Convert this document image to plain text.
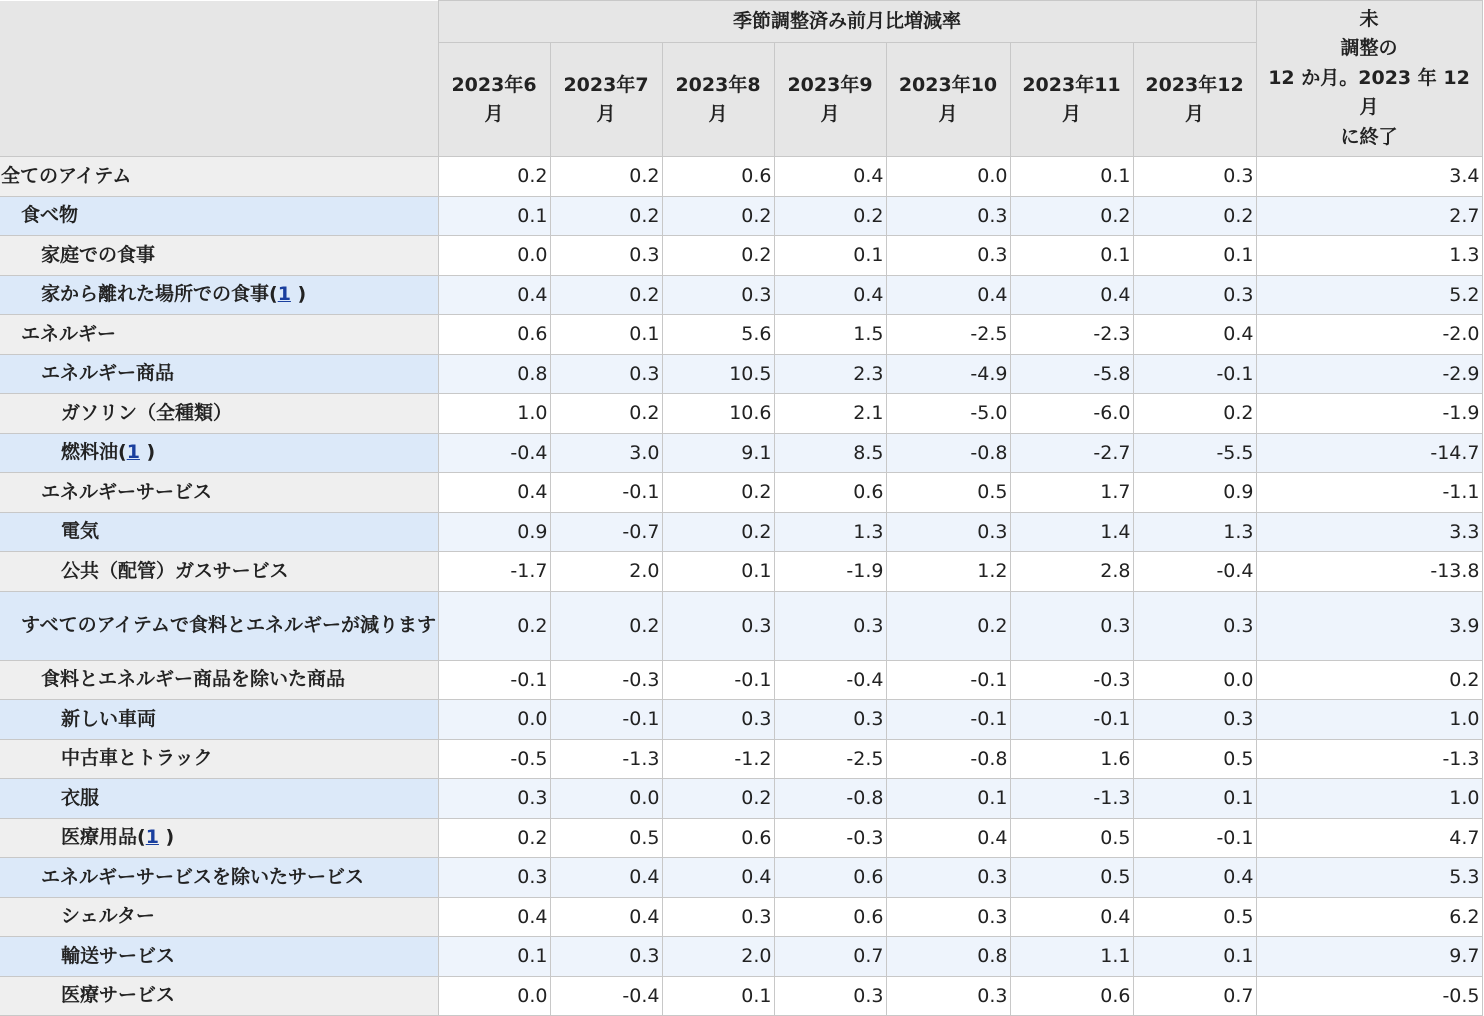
	季節調整済み前月比増減率							未
調整の
12 か月。2023 年 12
月
に終了
	2023年6月	2023年7月	2023年8月	2023年9月	2023年10月	2023年11月	2023年12月	
全てのアイテム	0.2	0.2	0.6	0.4	0.0	0.1	0.3	3.4
食べ物	0.1	0.2	0.2	0.2	0.3	0.2	0.2	2.7
家庭での食事	0.0	0.3	0.2	0.1	0.3	0.1	0.1	1.3
家から離れた場所での食事(1 )	0.4	0.2	0.3	0.4	0.4	0.4	0.3	5.2
エネルギー	0.6	0.1	5.6	1.5	-2.5	-2.3	0.4	-2.0
エネルギー商品	0.8	0.3	10.5	2.3	-4.9	-5.8	-0.1	-2.9
ガソリン（全種類）	1.0	0.2	10.6	2.1	-5.0	-6.0	0.2	-1.9
燃料油(1 )	-0.4	3.0	9.1	8.5	-0.8	-2.7	-5.5	-14.7
エネルギーサービス	0.4	-0.1	0.2	0.6	0.5	1.7	0.9	-1.1
電気	0.9	-0.7	0.2	1.3	0.3	1.4	1.3	3.3
公共（配管）ガスサービス	-1.7	2.0	0.1	-1.9	1.2	2.8	-0.4	-13.8
すべてのアイテムで食料とエネルギーが減ります	0.2	0.2	0.3	0.3	0.2	0.3	0.3	3.9
食料とエネルギー商品を除いた商品	-0.1	-0.3	-0.1	-0.4	-0.1	-0.3	0.0	0.2
新しい車両	0.0	-0.1	0.3	0.3	-0.1	-0.1	0.3	1.0
中古車とトラック	-0.5	-1.3	-1.2	-2.5	-0.8	1.6	0.5	-1.3
衣服	0.3	0.0	0.2	-0.8	0.1	-1.3	0.1	1.0
医療用品(1 )	0.2	0.5	0.6	-0.3	0.4	0.5	-0.1	4.7
エネルギーサービスを除いたサービス	0.3	0.4	0.4	0.6	0.3	0.5	0.4	5.3
シェルター	0.4	0.4	0.3	0.6	0.3	0.4	0.5	6.2
輸送サービス	0.1	0.3	2.0	0.7	0.8	1.1	0.1	9.7
医療サービス	0.0	-0.4	0.1	0.3	0.3	0.6	0.7	-0.5
